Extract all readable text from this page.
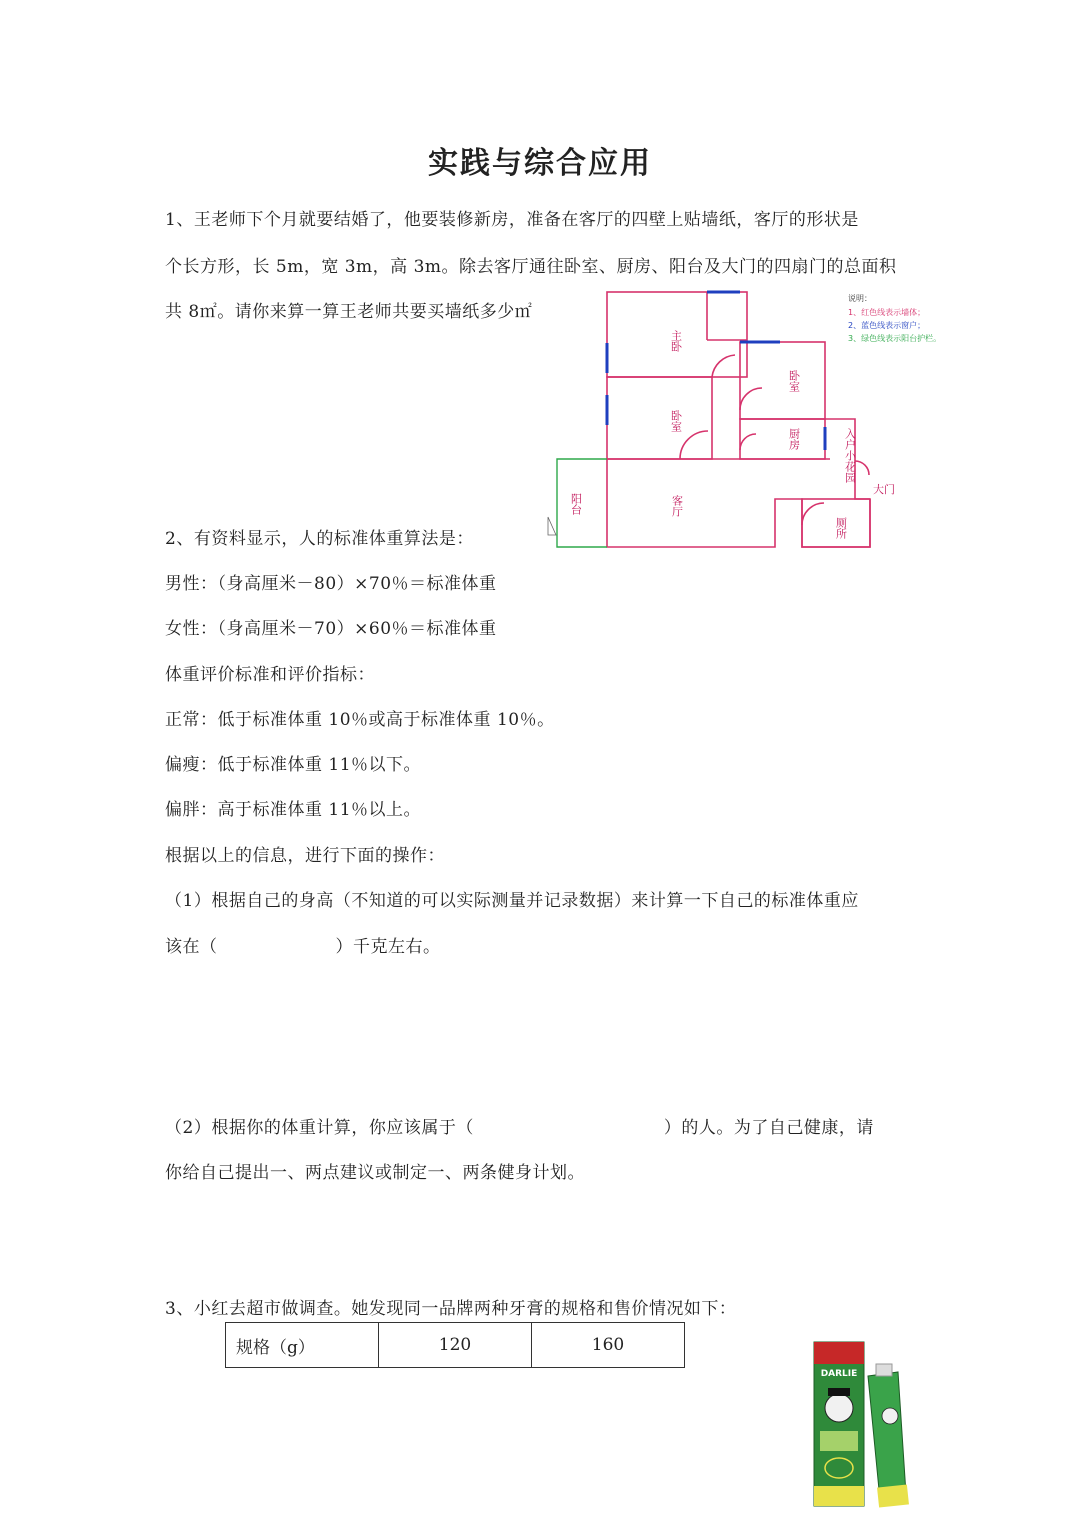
实践与综合应用
1、王老师下个月就要结婚了，他要装修新房，准备在客厅的四壁上贴墙纸，客厅的形状是
个长方形，长 5m，宽 3m，高 3m。除去客厅通往卧室、厨房、阳台及大门的四扇门的总面积
共 8㎡。请你来算一算王老师共要买墙纸多少㎡
主卧
卧室
卧室
厨房
客厅
阳台
入户小花园
大门
厕所
说明：
1、红色线表示墙体；
2、蓝色线表示窗户；
3、绿色线表示阳台护栏。
2、有资料显示，人的标准体重算法是：
男性：（身高厘米－80）×70％＝标准体重
女性：（身高厘米－70）×60％＝标准体重
体重评价标准和评价指标：
正常：低于标准体重 10％或高于标准体重 10％。
偏瘦：低于标准体重 11％以下。
偏胖：高于标准体重 11％以上。
根据以上的信息，进行下面的操作：
（1）根据自己的身高（不知道的可以实际测量并记录数据）来计算一下自己的标准体重应
该在（	）千克左右。
（2）根据你的体重计算，你应该属于（	）的人。为了自己健康，请
你给自己提出一、两点建议或制定一、两条健身计划。
3、小红去超市做调查。她发现同一品牌两种牙膏的规格和售价情况如下：
规格（g）	120	160
DARLIE
